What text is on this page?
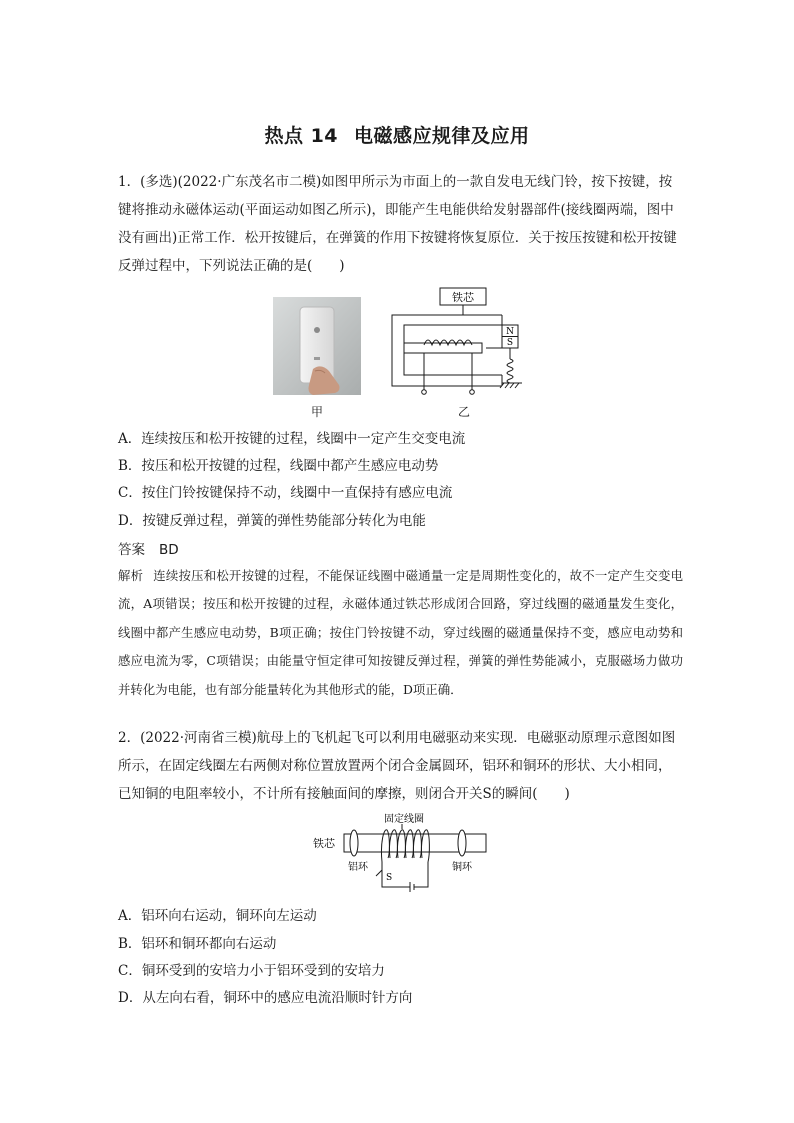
热点 14 电磁感应规律及应用
1．(多选)(2022·广东茂名市二模)如图甲所示为市面上的一款自发电无线门铃，按下按键，按键将推动永磁体运动(平面运动如图乙所示)，即能产生电能供给发射器部件(接线圈两端，图中没有画出)正常工作．松开按键后，在弹簧的作用下按键将恢复原位．关于按压按键和松开按键反弹过程中，下列说法正确的是(　　)
铁芯
N
S
甲	乙
A．连续按压和松开按键的过程，线圈中一定产生交变电流
B．按压和松开按键的过程，线圈中都产生感应电动势
C．按住门铃按键保持不动，线圈中一直保持有感应电流
D．按键反弹过程，弹簧的弹性势能部分转化为电能
答案 BD
解析 连续按压和松开按键的过程，不能保证线圈中磁通量一定是周期性变化的，故不一定产生交变电流，A项错误；按压和松开按键的过程，永磁体通过铁芯形成闭合回路，穿过线圈的磁通量发生变化，线圈中都产生感应电动势，B项正确；按住门铃按键不动，穿过线圈的磁通量保持不变，感应电动势和感应电流为零，C项错误；由能量守恒定律可知按键反弹过程，弹簧的弹性势能减小，克服磁场力做功并转化为电能，也有部分能量转化为其他形式的能，D项正确．
2．(2022·河南省三模)航母上的飞机起飞可以利用电磁驱动来实现．电磁驱动原理示意图如图所示，在固定线圈左右两侧对称位置放置两个闭合金属圆环，铝环和铜环的形状、大小相同，已知铜的电阻率较小，不计所有接触面间的摩擦，则闭合开关S的瞬间(　　)
固定线圈
铁芯
铝环	铜环
S
A．铝环向右运动，铜环向左运动
B．铝环和铜环都向右运动
C．铜环受到的安培力小于铝环受到的安培力
D．从左向右看，铜环中的感应电流沿顺时针方向
